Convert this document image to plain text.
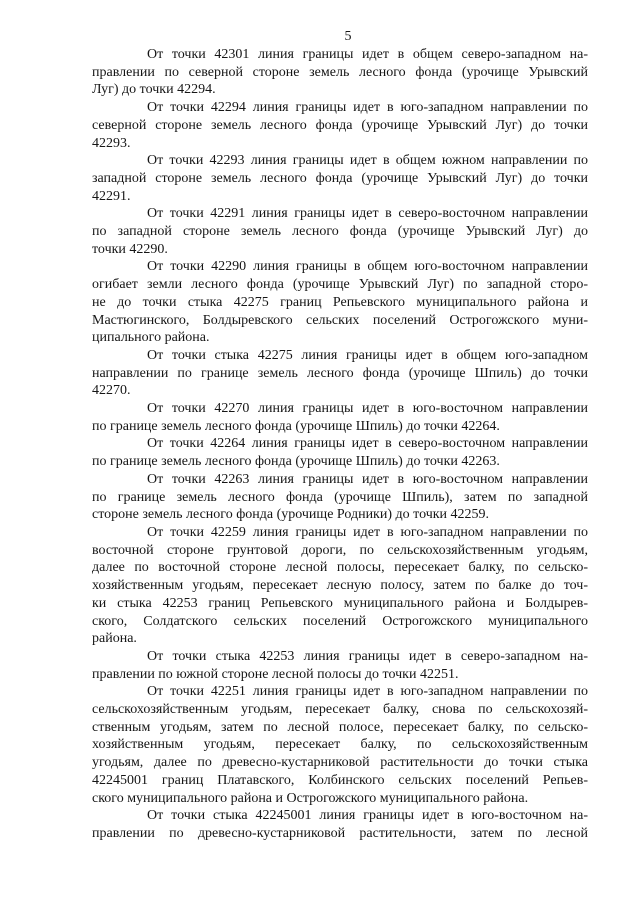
5
От точки 42301 линия границы идет в общем северо-западном на-
правлении по северной стороне земель лесного фонда (урочище Урывский
Луг) до точки 42294.
От точки 42294 линия границы идет в юго-западном направлении по
северной стороне земель лесного фонда (урочище Урывский Луг) до точки
42293.
От точки 42293 линия границы идет в общем южном направлении по
западной стороне земель лесного фонда (урочище Урывский Луг) до точки
42291.
От точки 42291 линия границы идет в северо-восточном направлении
по западной стороне земель лесного фонда (урочище Урывский Луг) до
точки 42290.
От точки 42290 линия границы в общем юго-восточном направлении
огибает земли лесного фонда (урочище Урывский Луг) по западной сторо-
не до точки стыка 42275 границ Репьевского муниципального района и
Мастюгинского, Болдыревского сельских поселений Острогожского муни-
ципального района.
От точки стыка 42275 линия границы идет в общем юго-западном
направлении по границе земель лесного фонда (урочище Шпиль) до точки
42270.
От точки 42270 линия границы идет в юго-восточном направлении
по границе земель лесного фонда (урочище Шпиль) до точки 42264.
От точки 42264 линия границы идет в северо-восточном направлении
по границе земель лесного фонда (урочище Шпиль) до точки 42263.
От точки 42263 линия границы идет в юго-восточном направлении
по границе земель лесного фонда (урочище Шпиль), затем по западной
стороне земель лесного фонда (урочище Родники) до точки 42259.
От точки 42259 линия границы идет в юго-западном направлении по
восточной стороне грунтовой дороги, по сельскохозяйственным угодьям,
далее по восточной стороне лесной полосы, пересекает балку, по сельско-
хозяйственным угодьям, пересекает лесную полосу, затем по балке до точ-
ки стыка 42253 границ Репьевского муниципального района и Болдырев-
ского, Солдатского сельских поселений Острогожского муниципального
района.
От точки стыка 42253 линия границы идет в северо-западном на-
правлении по южной стороне лесной полосы до точки 42251.
От точки 42251 линия границы идет в юго-западном направлении по
сельскохозяйственным угодьям, пересекает балку, снова по сельскохозяй-
ственным угодьям, затем по лесной полосе, пересекает балку, по сельско-
хозяйственным угодьям, пересекает балку, по сельскохозяйственным
угодьям, далее по древесно-кустарниковой растительности до точки стыка
42245001 границ Платавского, Колбинского сельских поселений Репьев-
ского муниципального района и Острогожского муниципального района.
От точки стыка 42245001 линия границы идет в юго-восточном на-
правлении по древесно-кустарниковой растительности, затем по лесной
